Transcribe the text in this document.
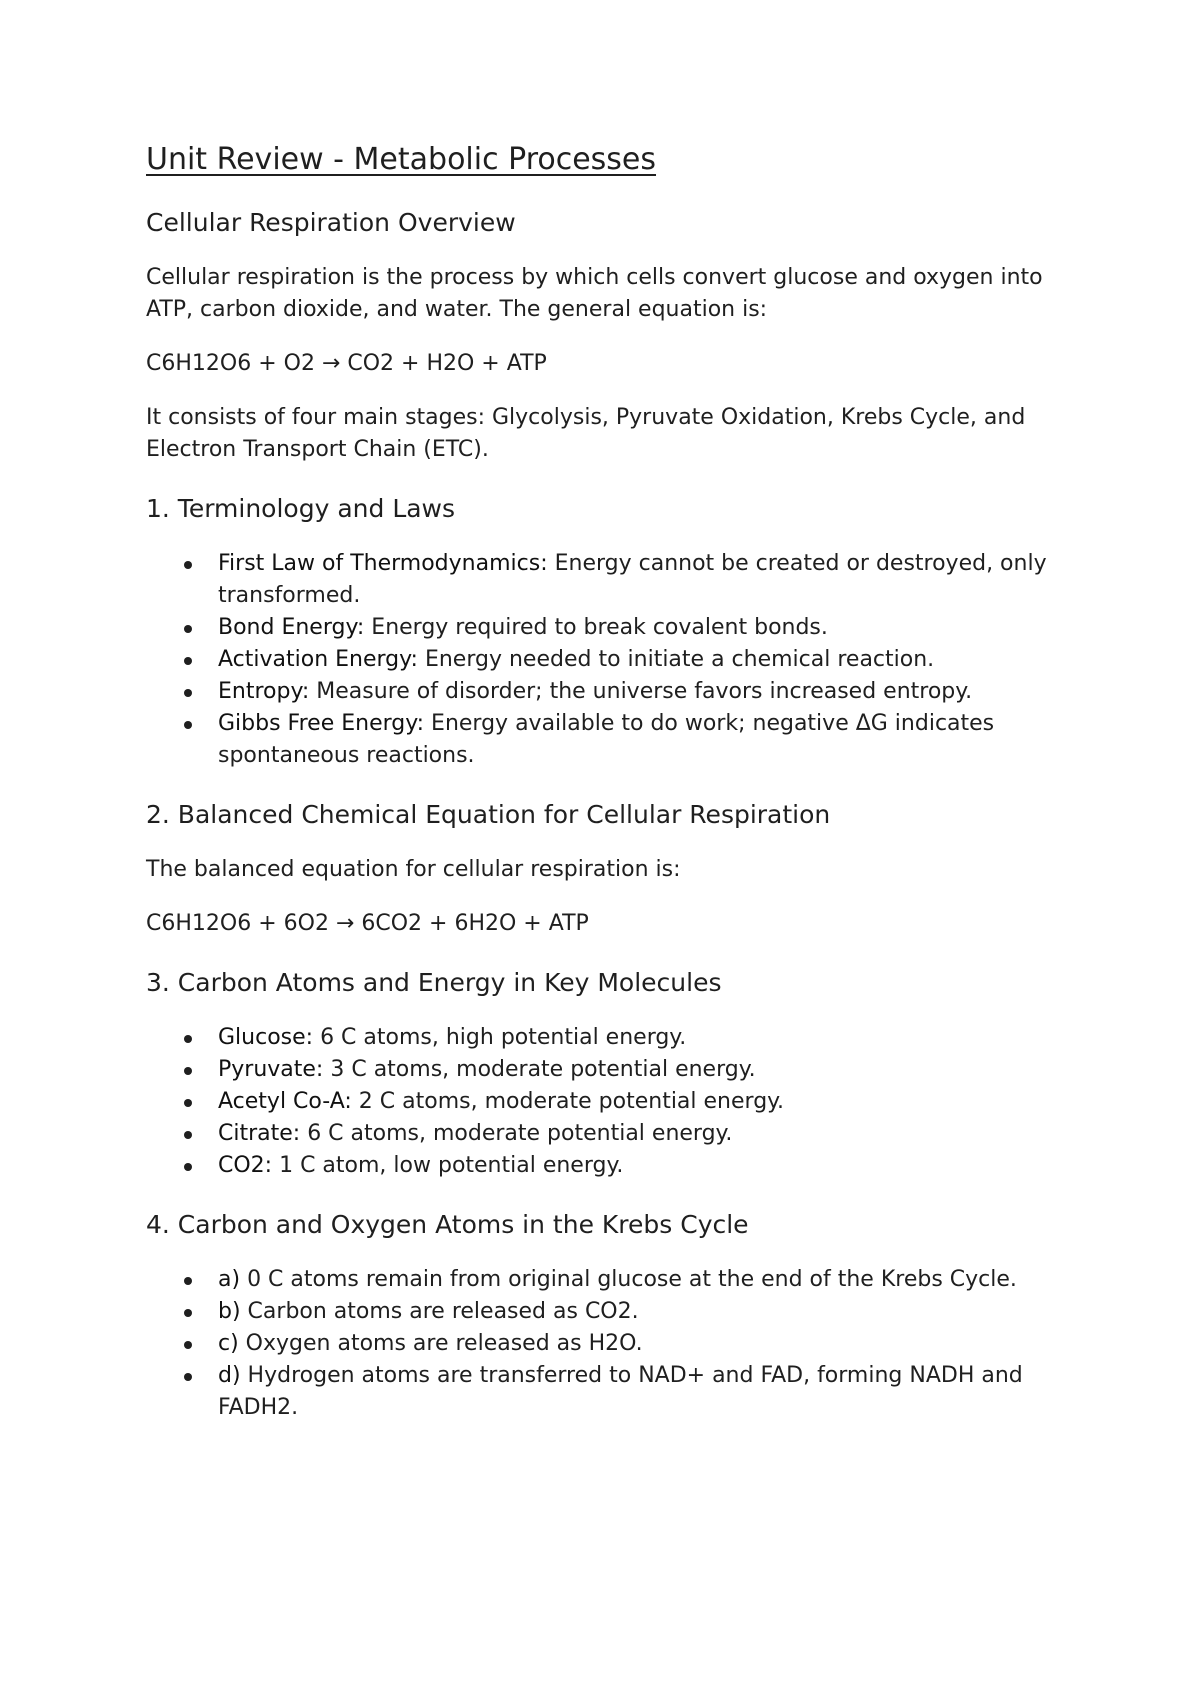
Unit Review - Metabolic Processes
Cellular Respiration Overview

Cellular respiration is the process by which cells convert glucose and oxygen into ATP, carbon dioxide, and water. The general equation is:

C6H12O6 + O2 → CO2 + H2O + ATP

It consists of four main stages: Glycolysis, Pyruvate Oxidation, Krebs Cycle, and Electron Transport Chain (ETC).

1. Terminology and Laws
First Law of Thermodynamics: Energy cannot be created or destroyed, only transformed.
Bond Energy: Energy required to break covalent bonds.
Activation Energy: Energy needed to initiate a chemical reaction.
Entropy: Measure of disorder; the universe favors increased entropy.
Gibbs Free Energy: Energy available to do work; negative ΔG indicates spontaneous reactions.
2. Balanced Chemical Equation for Cellular Respiration

The balanced equation for cellular respiration is:

C6H12O6 + 6O2 → 6CO2 + 6H2O + ATP

3. Carbon Atoms and Energy in Key Molecules
Glucose: 6 C atoms, high potential energy.
Pyruvate: 3 C atoms, moderate potential energy.
Acetyl Co-A: 2 C atoms, moderate potential energy.
Citrate: 6 C atoms, moderate potential energy.
CO2: 1 C atom, low potential energy.
4. Carbon and Oxygen Atoms in the Krebs Cycle
a) 0 C atoms remain from original glucose at the end of the Krebs Cycle.
b) Carbon atoms are released as CO2.
c) Oxygen atoms are released as H2O.
d) Hydrogen atoms are transferred to NAD+ and FAD, forming NADH and FADH2.
